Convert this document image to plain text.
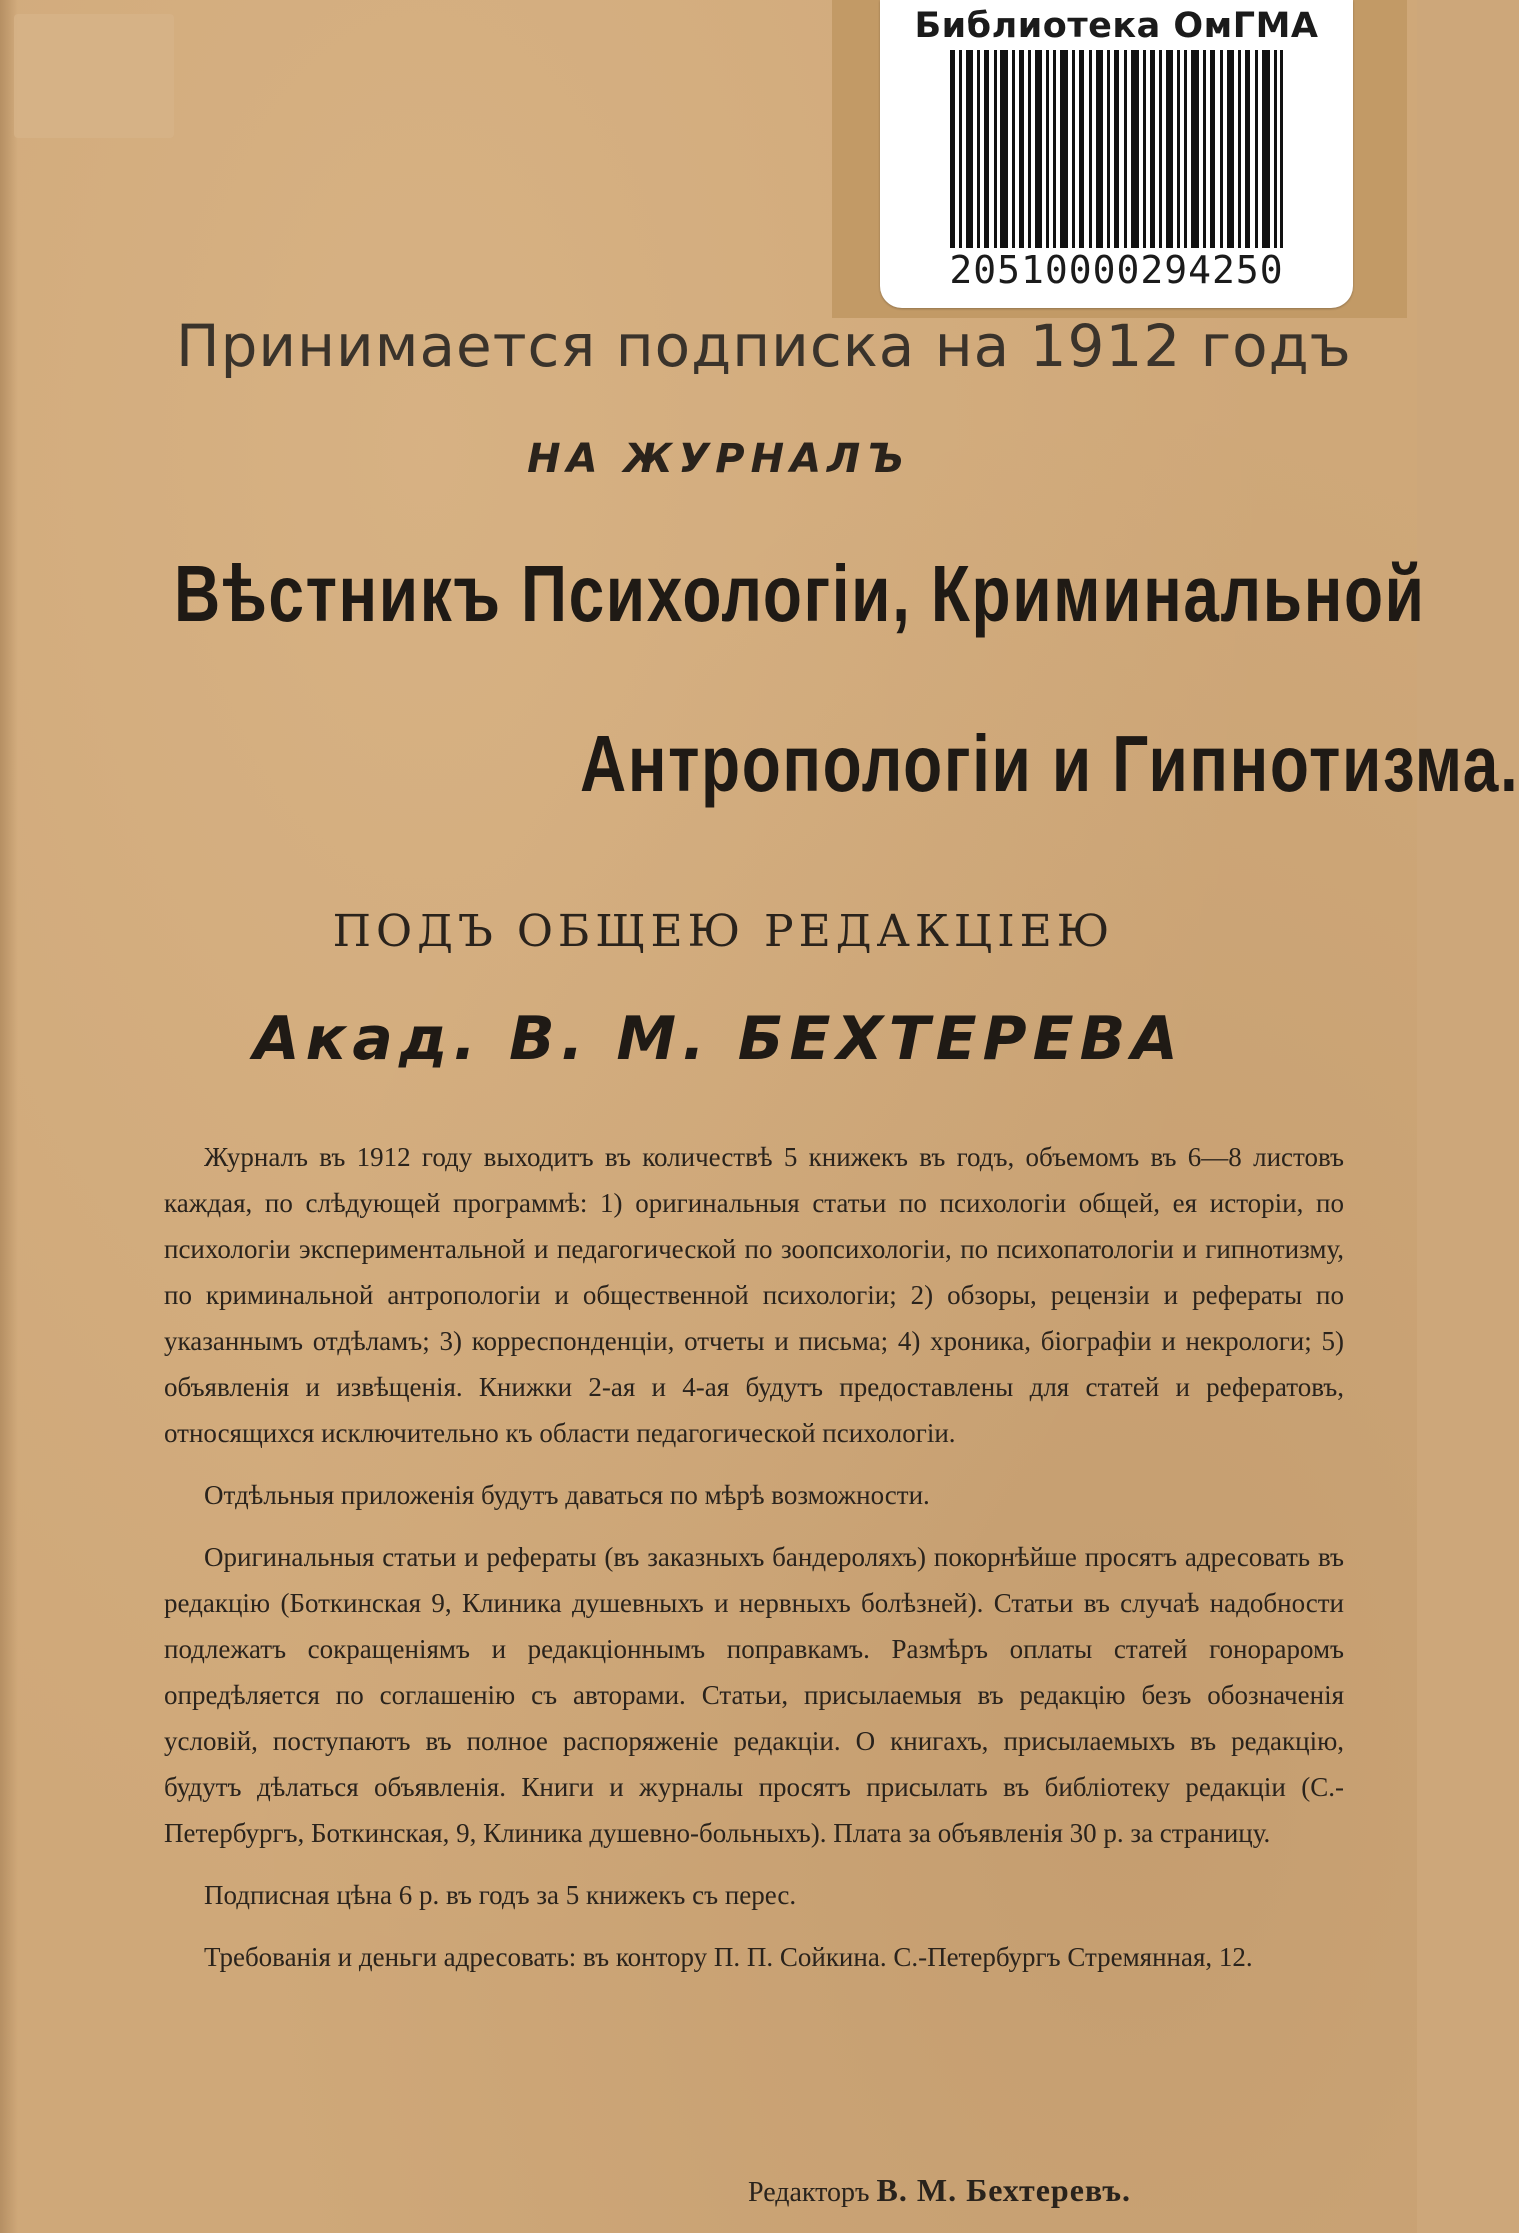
Библиотека ОмГМА
20510000294250
Принимается подписка на 1912 годъ
НА ЖУРНАЛЪ
Вѣстникъ Психологіи, Криминальной
Антропологіи и Гипнотизма.
ПОДЪ ОБЩЕЮ РЕДАКЦІЕЮ
Акад. В. М. БЕХТЕРЕВА

Журналъ въ 1912 году выходитъ въ количествѣ 5 книжекъ въ годъ, объемомъ въ 6—8 листовъ каждая, по слѣдующей программѣ: 1) оригинальныя статьи по психологіи общей, ея исторіи, по психологіи экспериментальной и педагогической по зоопсихологіи, по психопатологіи и гипнотизму, по криминальной антропологіи и общественной психологіи; 2) обзоры, рецензіи и рефераты по указаннымъ отдѣламъ; 3) корреспонденціи, отчеты и письма; 4) хроника, біографіи и некрологи; 5) объявленія и извѣщенія. Книжки 2-ая и 4-ая будутъ предоставлены для статей и рефератовъ, относящихся исключительно къ области педагогической психологіи.

Отдѣльныя приложенія будутъ даваться по мѣрѣ возможности.

Оригинальныя статьи и рефераты (въ заказныхъ бандероляхъ) покорнѣйше просятъ адресовать въ редакцію (Боткинская 9, Клиника душевныхъ и нервныхъ болѣзней). Статьи въ случаѣ надобности подлежатъ сокращеніямъ и редакціоннымъ поправкамъ. Размѣръ оплаты статей гонораромъ опредѣляется по соглашенію съ авторами. Статьи, присылаемыя въ редакцію безъ обозначенія условій, поступаютъ въ полное распоряженіе редакціи. О книгахъ, присылаемыхъ въ редакцію, будутъ дѣлаться объявленія. Книги и журналы просятъ присылать въ библіотеку редакціи (С.-Петербургъ, Боткинская, 9, Клиника душевно-больныхъ). Плата за объявленія 30 р. за страницу.

Подписная цѣна 6 р. въ годъ за 5 книжекъ съ перес.

Требованія и деньги адресовать: въ контору П. П. Сойкина. С.-Петербургъ Стремянная, 12.

Редакторъ В. М. Бехтеревъ.
